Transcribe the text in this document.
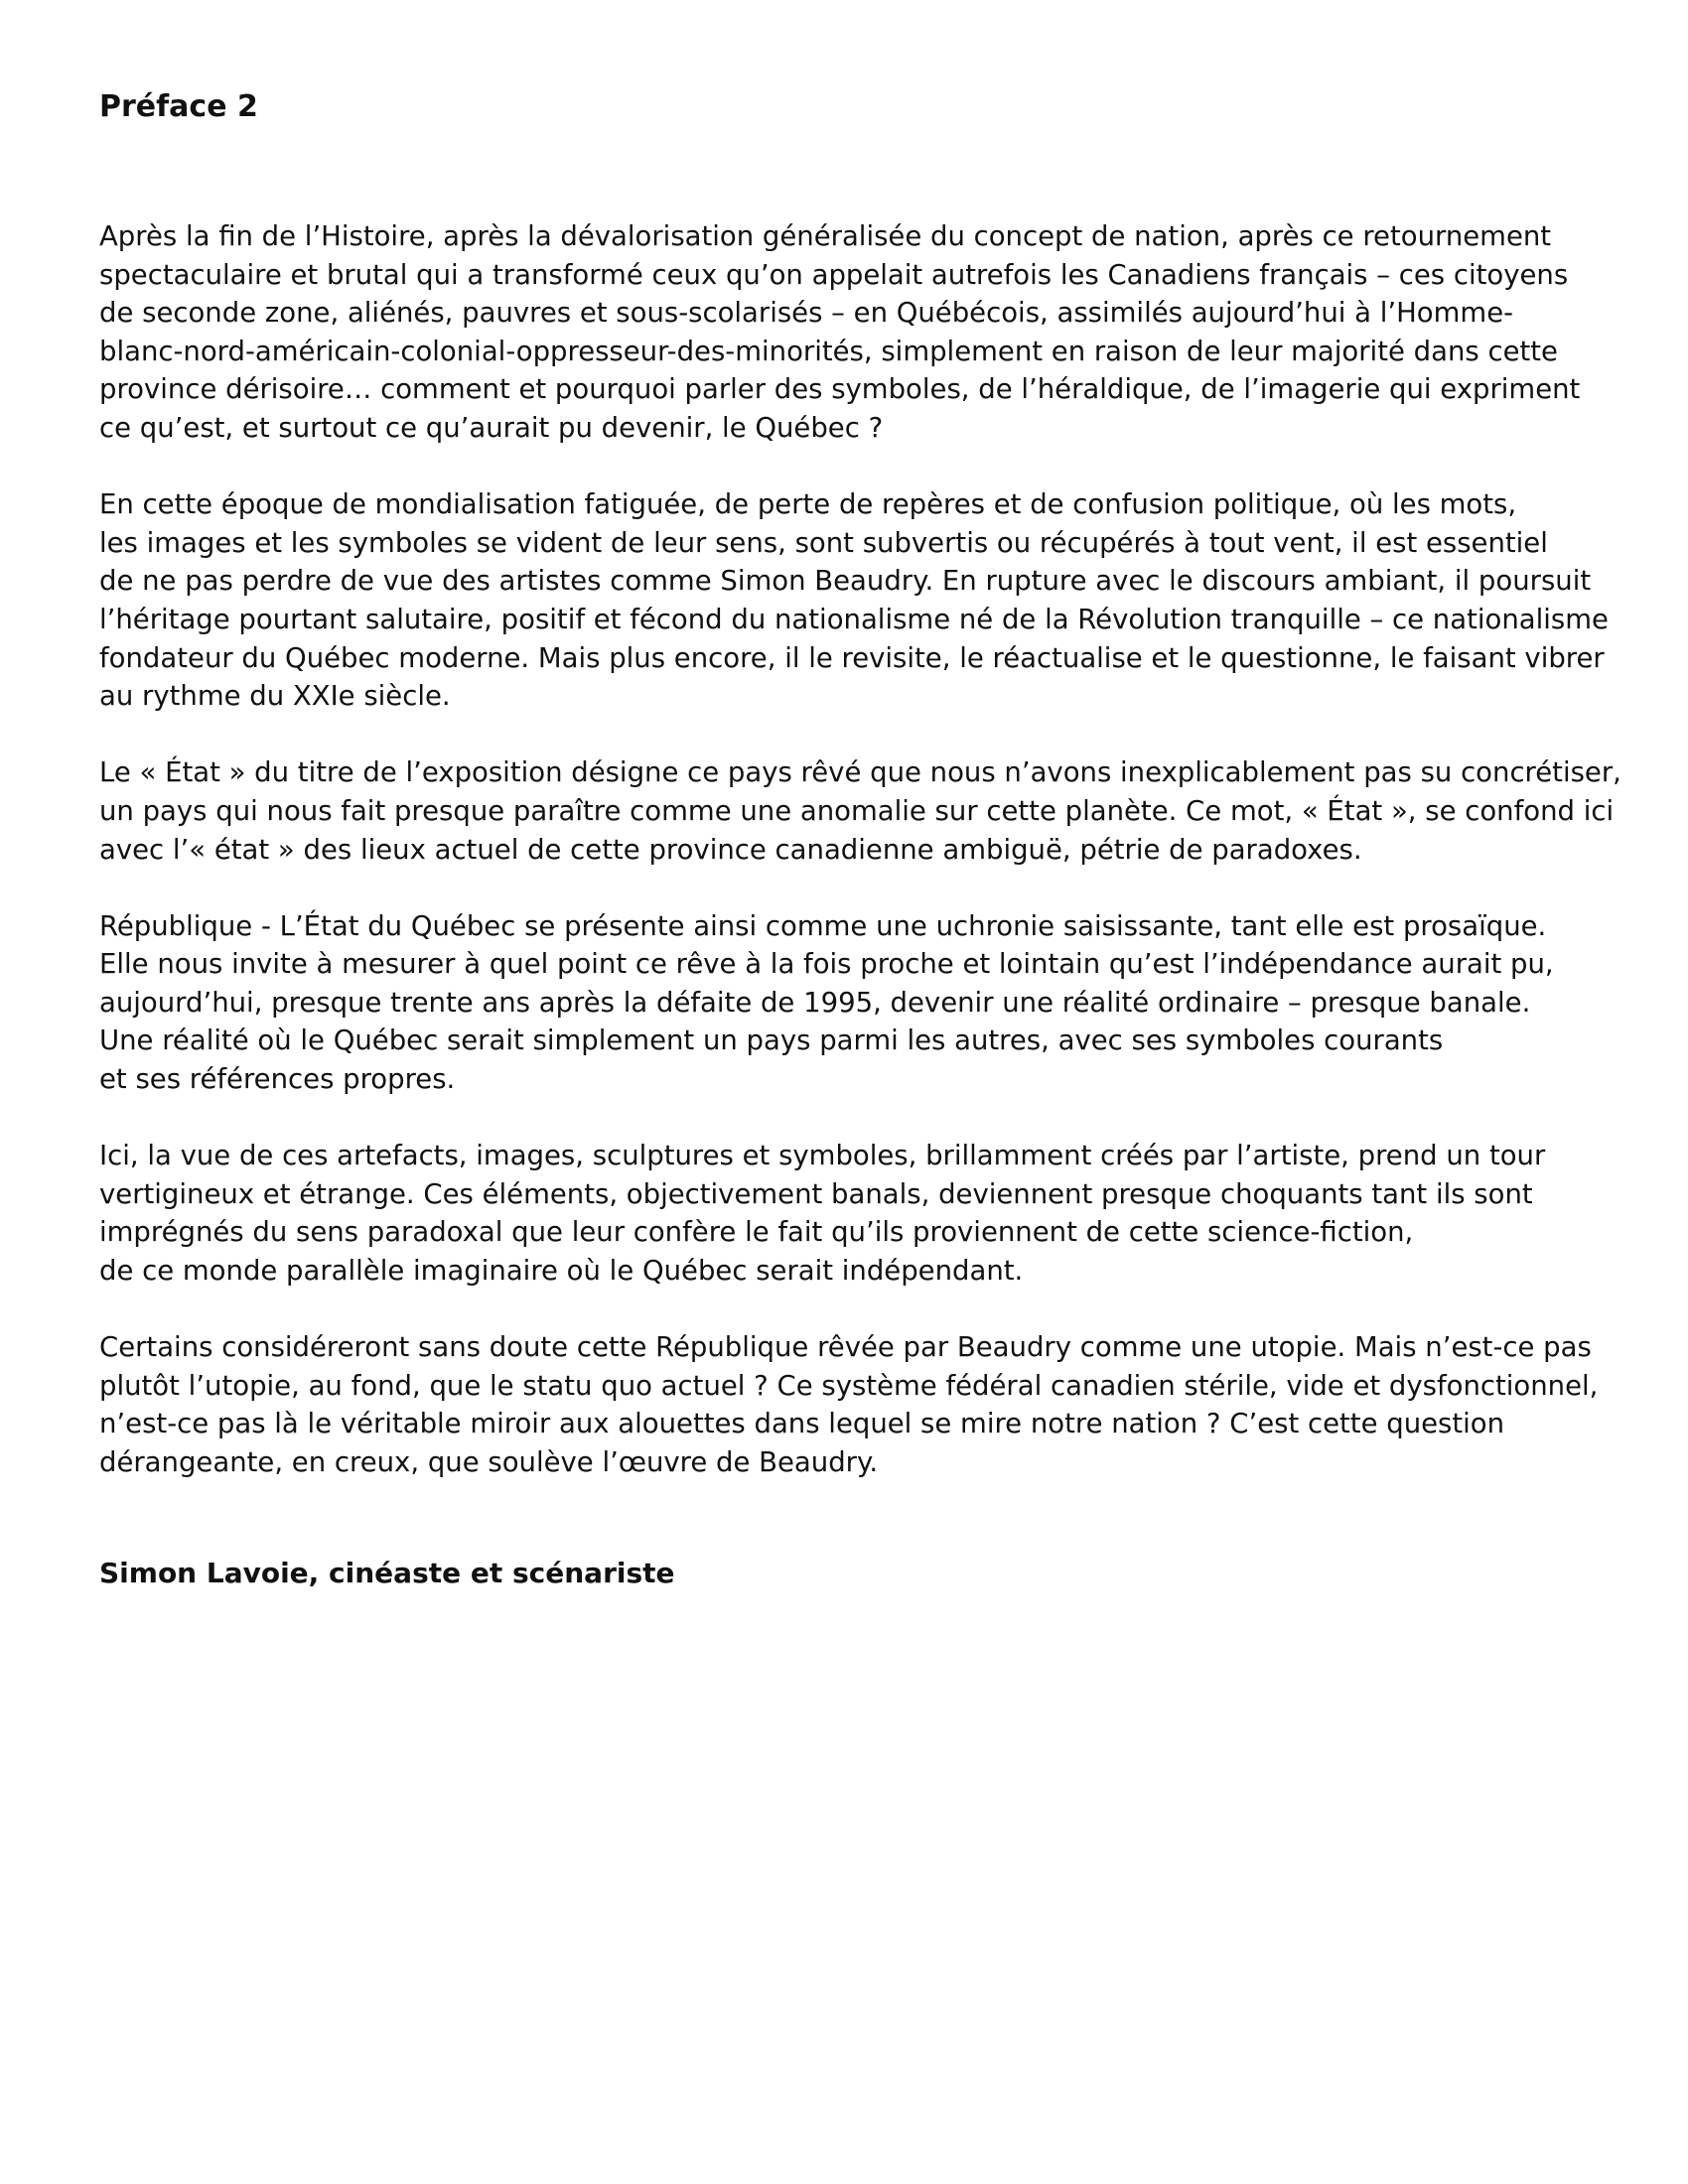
Préface 2

Après la fin de l’Histoire, après la dévalorisation généralisée du concept de nation, après ce retournement
spectaculaire et brutal qui a transformé ceux qu’on appelait autrefois les Canadiens français – ces citoyens
de seconde zone, aliénés, pauvres et sous-scolarisés – en Québécois, assimilés aujourd’hui à l’Homme-
blanc-nord-américain-colonial-oppresseur-des-minorités, simplement en raison de leur majorité dans cette
province dérisoire… comment et pourquoi parler des symboles, de l’héraldique, de l’imagerie qui expriment
ce qu’est, et surtout ce qu’aurait pu devenir, le Québec ?

En cette époque de mondialisation fatiguée, de perte de repères et de confusion politique, où les mots,
les images et les symboles se vident de leur sens, sont subvertis ou récupérés à tout vent, il est essentiel
de ne pas perdre de vue des artistes comme Simon Beaudry. En rupture avec le discours ambiant, il poursuit
l’héritage pourtant salutaire, positif et fécond du nationalisme né de la Révolution tranquille – ce nationalisme
fondateur du Québec moderne. Mais plus encore, il le revisite, le réactualise et le questionne, le faisant vibrer
au rythme du XXIe siècle.

Le « État » du titre de l’exposition désigne ce pays rêvé que nous n’avons inexplicablement pas su concrétiser,
un pays qui nous fait presque paraître comme une anomalie sur cette planète. Ce mot, « État », se confond ici
avec l’« état » des lieux actuel de cette province canadienne ambiguë, pétrie de paradoxes.

République - L’État du Québec se présente ainsi comme une uchronie saisissante, tant elle est prosaïque.
Elle nous invite à mesurer à quel point ce rêve à la fois proche et lointain qu’est l’indépendance aurait pu,
aujourd’hui, presque trente ans après la défaite de 1995, devenir une réalité ordinaire – presque banale.
Une réalité où le Québec serait simplement un pays parmi les autres, avec ses symboles courants
et ses références propres.

Ici, la vue de ces artefacts, images, sculptures et symboles, brillamment créés par l’artiste, prend un tour
vertigineux et étrange. Ces éléments, objectivement banals, deviennent presque choquants tant ils sont
imprégnés du sens paradoxal que leur confère le fait qu’ils proviennent de cette science-fiction,
de ce monde parallèle imaginaire où le Québec serait indépendant.

Certains considéreront sans doute cette République rêvée par Beaudry comme une utopie. Mais n’est-ce pas
plutôt l’utopie, au fond, que le statu quo actuel ? Ce système fédéral canadien stérile, vide et dysfonctionnel,
n’est-ce pas là le véritable miroir aux alouettes dans lequel se mire notre nation ? C’est cette question
dérangeante, en creux, que soulève l’œuvre de Beaudry.

Simon Lavoie, cinéaste et scénariste
